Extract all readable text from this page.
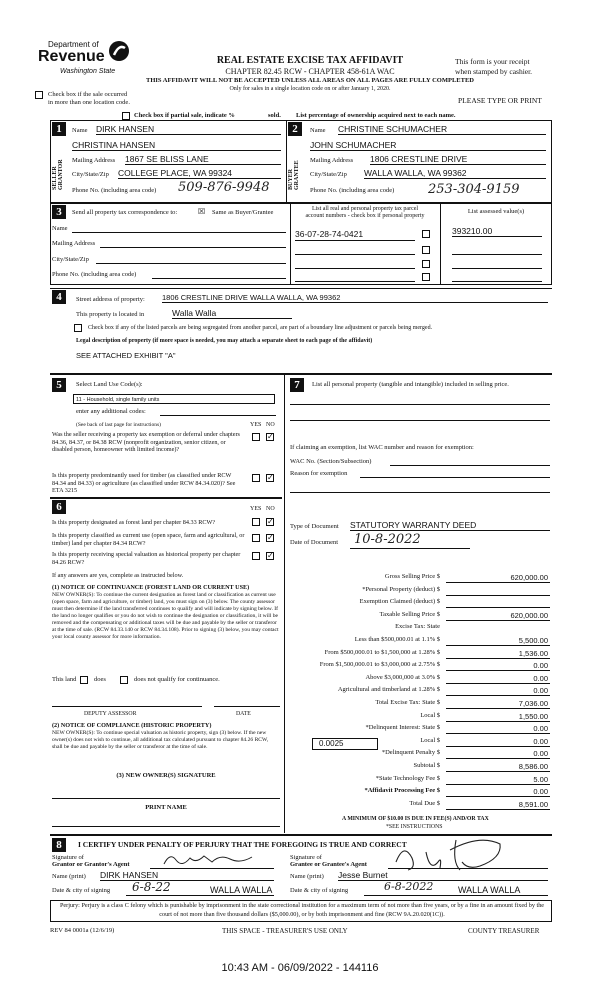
Department of
Revenue
Washington State
REAL ESTATE EXCISE TAX AFFIDAVIT
CHAPTER 82.45 RCW - CHAPTER 458-61A WAC
THIS AFFIDAVIT WILL NOT BE ACCEPTED UNLESS ALL AREAS ON ALL PAGES ARE FULLY COMPLETED
Only for sales in a single location code on or after January 1, 2020.
This form is your receipt
when stamped by cashier.
PLEASE TYPE OR PRINT
Check box if the sale occurred
in more than one location code.
Check box if partial sale, indicate %	sold. List percentage of ownership acquired next to each name.
1
SELLER GRANTOR
Name DIRK HANSEN
CHRISTINA HANSEN
Mailing Address 1867 SE BLISS LANE
City/State/Zip COLLEGE PLACE, WA 99324
Phone No. (including area code) 509-876-9948
2
BUYER GRANTEE
Name CHRISTINE SCHUMACHER
JOHN SCHUMACHER
Mailing Address 1806 CRESTLINE DRIVE
City/State/Zip WALLA WALLA, WA 99362
Phone No. (including area code)	253-304-9159
3	Send all property tax correspondence to:	☒ Same as Buyer/Grantee	List all real and personal property tax parcel
account numbers - check box if personal property
List assessed value(s)
Name
Mailing Address
City/State/Zip
Phone No. (including area code)
36-07-28-74-0421	393210.00
4	Street address of property: 1806 CRESTLINE DRIVE WALLA WALLA, WA 99362
This property is located in	Walla Walla
Check box if any of the listed parcels are being segregated from another parcel, are part of a boundary line adjustment or parcels being merged.
Legal description of property (if more space is needed, you may attach a separate sheet to each page of the affidavit)
SEE ATTACHED EXHIBIT "A"
5	Select Land Use Code(s):
11 - Household, single family units
enter any additional codes:
(See back of last page for instructions)	YES NO
Was the seller receiving a property tax exemption or deferral under chapters 84.36, 84.37, or 84.38 RCW (nonprofit organization, senior citizen, or disabled person, homeowner with limited income)?
✓
Is this property predominantly used for timber (as classified under RCW 84.34 and 84.33) or agriculture (as classified under RCW 84.34.020)? See ETA 3215
✓
6	YES NO
Is this property designated as forest land per chapter 84.33 RCW?	✓
Is this property classified as current use (open space, farm and agricultural, or timber) land per chapter 84.34 RCW?
✓
Is this property receiving special valuation as historical property per chapter 84.26 RCW?
✓
If any answers are yes, complete as instructed below.
(1) NOTICE OF CONTINUANCE (FOREST LAND OR CURRENT USE)
NEW OWNER(S): To continue the current designation as forest land or classification as current use (open space, farm and agriculture, or timber) land, you must sign on (3) below. The county assessor must then determine if the land transferred continues to qualify and will indicate by signing below. If the land no longer qualifies or you do not wish to continue the designation or classification, it will be removed and the compensating or additional taxes will be due and payable by the seller or transferor at the time of sale. (RCW 84.33.140 or RCW 84.34.108). Prior to signing (3) below, you may contact your local county assessor for more information.
This land	does	does not qualify for continuance.
DEPUTY ASSESSOR	DATE
(2) NOTICE OF COMPLIANCE (HISTORIC PROPERTY)
NEW OWNER(S): To continue special valuation as historic property, sign (3) below. If the new owner(s) does not wish to continue, all additional tax calculated pursuant to chapter 84.26 RCW, shall be due and payable by the seller or transferor at the time of sale.
(3) NEW OWNER(S) SIGNATURE
PRINT NAME
7	List all personal property (tangible and intangible) included in selling price.
If claiming an exemption, list WAC number and reason for exemption:
WAC No. (Section/Subsection)
Reason for exemption
Type of Document STATUTORY WARRANTY DEED
Date of Document 10-8-2022
Gross Selling Price $	620,000.00
*Personal Property (deduct) $
Exemption Claimed (deduct) $
Taxable Selling Price $	620,000.00
Excise Tax: State
Less than $500,000.01 at 1.1% $	5,500.00
From $500,000.01 to $1,500,000 at 1.28% $	1,536.00
From $1,500,000.01 to $3,000,000 at 2.75% $	0.00
Above $3,000,000 at 3.0% $	0.00
Agricultural and timberland at 1.28% $	0.00
Total Excise Tax: State $	7,036.00
Local $	1,550.00
*Delinquent Interest: State $	0.00
Local $	0.00
*Delinquent Penalty $	0.00
Subtotal $	8,586.00
*State Technology Fee $	5.00
*Affidavit Processing Fee $	0.00
Total Due $	8,591.00
0.0025
A MINIMUM OF $10.00 IS DUE IN FEE(S) AND/OR TAX
*SEE INSTRUCTIONS
8	I CERTIFY UNDER PENALTY OF PERJURY THAT THE FOREGOING IS TRUE AND CORRECT
Signature of
Grantor or Grantor's Agent
Signature of
Grantee or Grantee's Agent
Name (print) DIRK HANSEN	Name (print) Jesse Burnet
Date & city of signing 6-8-22	WALLA WALLA	Date & city of signing	6-8-2022	WALLA WALLA
Perjury: Perjury is a class C felony which is punishable by imprisonment in the state correctional institution for a maximum term of not more than five years, or by a fine in an amount fixed by the court of not more than five thousand dollars ($5,000.00), or by both imprisonment and fine (RCW 9A.20.020(1C)).
REV 84 0001a (12/6/19)	THIS SPACE - TREASURER'S USE ONLY	COUNTY TREASURER
10:43 AM - 06/09/2022 - 144116
